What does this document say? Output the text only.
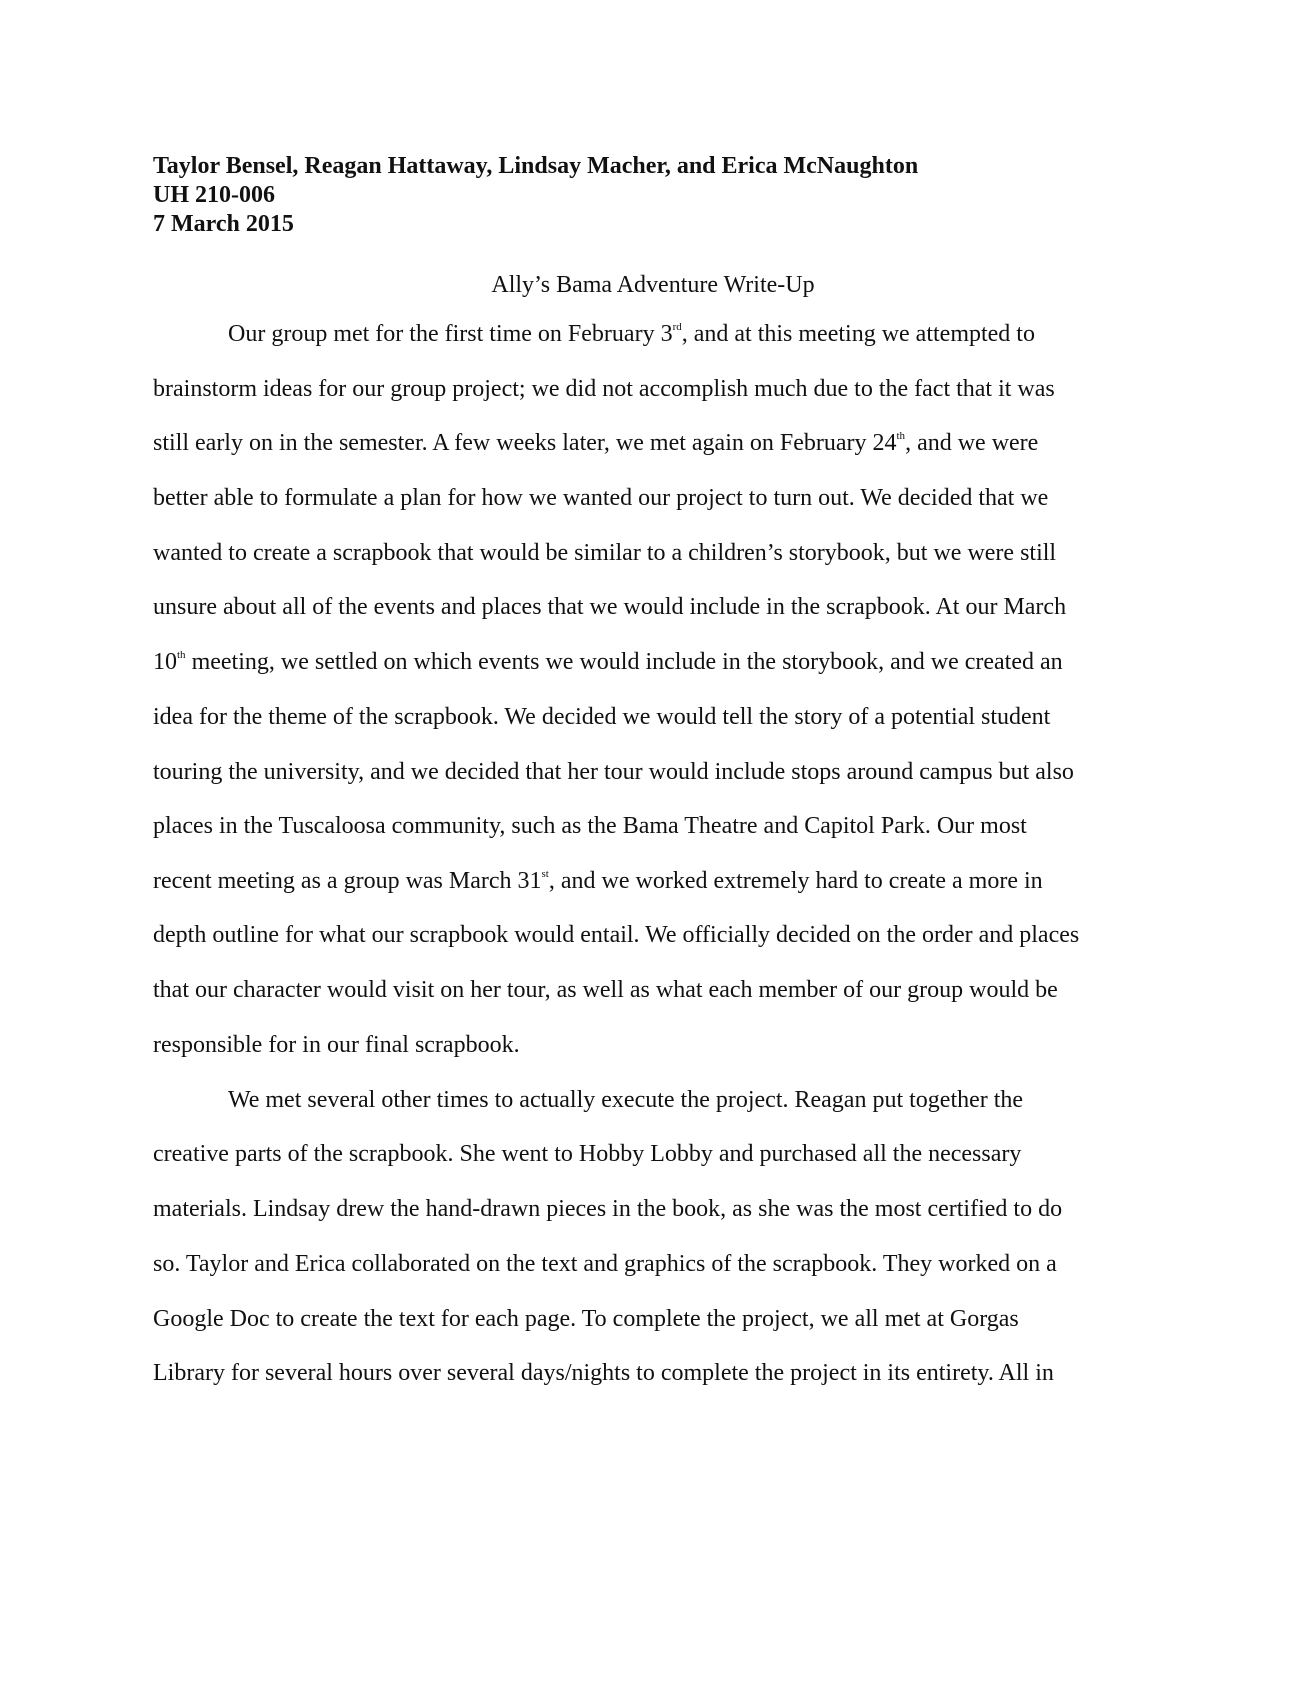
Taylor Bensel, Reagan Hattaway, Lindsay Macher, and Erica McNaughton
UH 210-006
7 March 2015
Ally’s Bama Adventure Write-Up
Our group met for the first time on February 3rd, and at this meeting we attempted to
brainstorm ideas for our group project; we did not accomplish much due to the fact that it was
still early on in the semester. A few weeks later, we met again on February 24th, and we were
better able to formulate a plan for how we wanted our project to turn out. We decided that we
wanted to create a scrapbook that would be similar to a children’s storybook, but we were still
unsure about all of the events and places that we would include in the scrapbook. At our March
10th meeting, we settled on which events we would include in the storybook, and we created an
idea for the theme of the scrapbook. We decided we would tell the story of a potential student
touring the university, and we decided that her tour would include stops around campus but also
places in the Tuscaloosa community, such as the Bama Theatre and Capitol Park. Our most
recent meeting as a group was March 31st, and we worked extremely hard to create a more in
depth outline for what our scrapbook would entail. We officially decided on the order and places
that our character would visit on her tour, as well as what each member of our group would be
responsible for in our final scrapbook.
We met several other times to actually execute the project. Reagan put together the
creative parts of the scrapbook. She went to Hobby Lobby and purchased all the necessary
materials. Lindsay drew the hand-drawn pieces in the book, as she was the most certified to do
so. Taylor and Erica collaborated on the text and graphics of the scrapbook. They worked on a
Google Doc to create the text for each page. To complete the project, we all met at Gorgas
Library for several hours over several days/nights to complete the project in its entirety. All in
